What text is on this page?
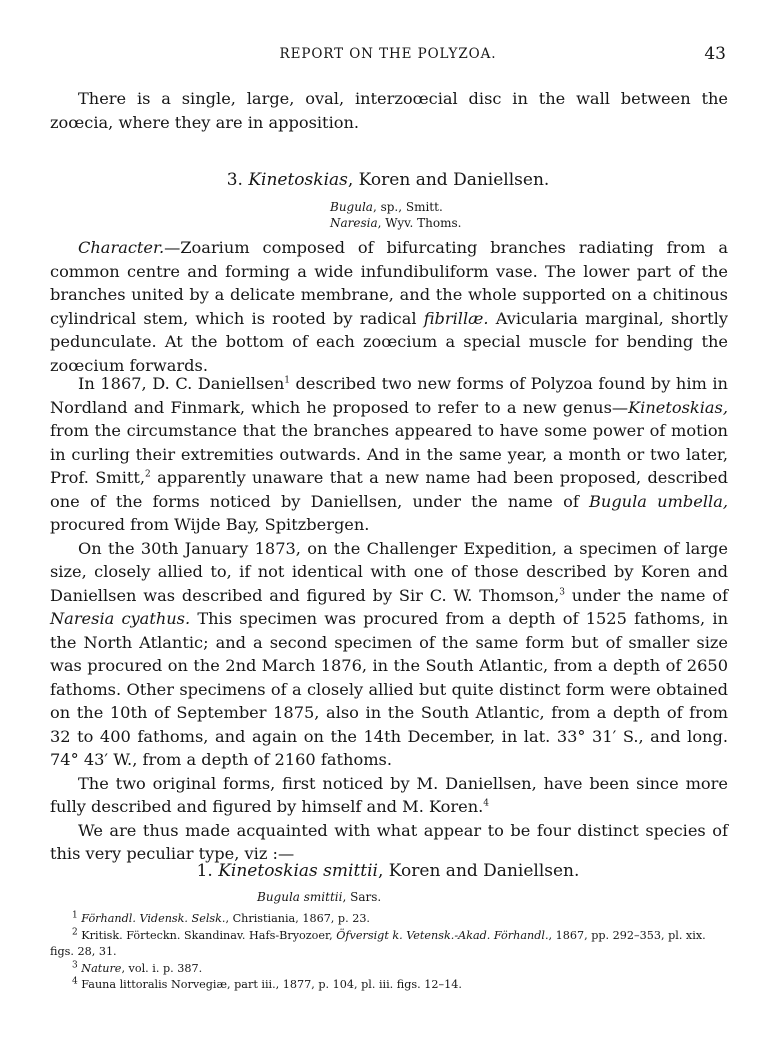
REPORT ON THE POLYZOA.	43

There is a single, large, oval, interzoœcial disc in the wall between the zoœcia, where they are in apposition.

3. Kinetoskias, Koren and Daniellsen.
Bugula, sp., Smitt.
Naresia, Wyv. Thoms.

Character.—Zoarium composed of bifurcating branches radiating from a common centre and forming a wide infundibuliform vase. The lower part of the branches united by a delicate membrane, and the whole supported on a chitinous cylindrical stem, which is rooted by radical fibrillæ. Avicularia marginal, shortly pedunculate. At the bottom of each zoœcium a special muscle for bending the zoœcium forwards.

In 1867, D. C. Daniellsen$^1$ described two new forms of Polyzoa found by him in Nordland and Finmark, which he proposed to refer to a new genus—Kinetoskias, from the circumstance that the branches appeared to have some power of motion in curling their extremities outwards. And in the same year, a month or two later, Prof. Smitt,$^2$ apparently unaware that a new name had been proposed, described one of the forms noticed by Daniellsen, under the name of Bugula umbella, procured from Wijde Bay, Spitzbergen.

On the 30th January 1873, on the Challenger Expedition, a specimen of large size, closely allied to, if not identical with one of those described by Koren and Daniellsen was described and figured by Sir C. W. Thomson,$^3$ under the name of Naresia cyathus. This specimen was procured from a depth of 1525 fathoms, in the North Atlantic; and a second specimen of the same form but of smaller size was procured on the 2nd March 1876, in the South Atlantic, from a depth of 2650 fathoms. Other specimens of a closely allied but quite distinct form were obtained on the 10th of September 1875, also in the South Atlantic, from a depth of from 32 to 400 fathoms, and again on the 14th December, in lat. 33° 31′ S., and long. 74° 43′ W., from a depth of 2160 fathoms.

The two original forms, first noticed by M. Daniellsen, have been since more fully described and figured by himself and M. Koren.$^4$

We are thus made acquainted with what appear to be four distinct species of this very peculiar type, viz :—

1. Kinetoskias smittii, Koren and Daniellsen.
Bugula smittii, Sars.

$^1$ Förhandl. Vidensk. Selsk., Christiania, 1867, p. 23.

$^2$ Kritisk. Förteckn. Skandinav. Hafs-Bryozoer, Öfversigt k. Vetensk.-Akad. Förhandl., 1867, pp. 292–353, pl. xix. figs. 28, 31.

$^3$ Nature, vol. i. p. 387.

$^4$ Fauna littoralis Norvegiæ, part iii., 1877, p. 104, pl. iii. figs. 12–14.
